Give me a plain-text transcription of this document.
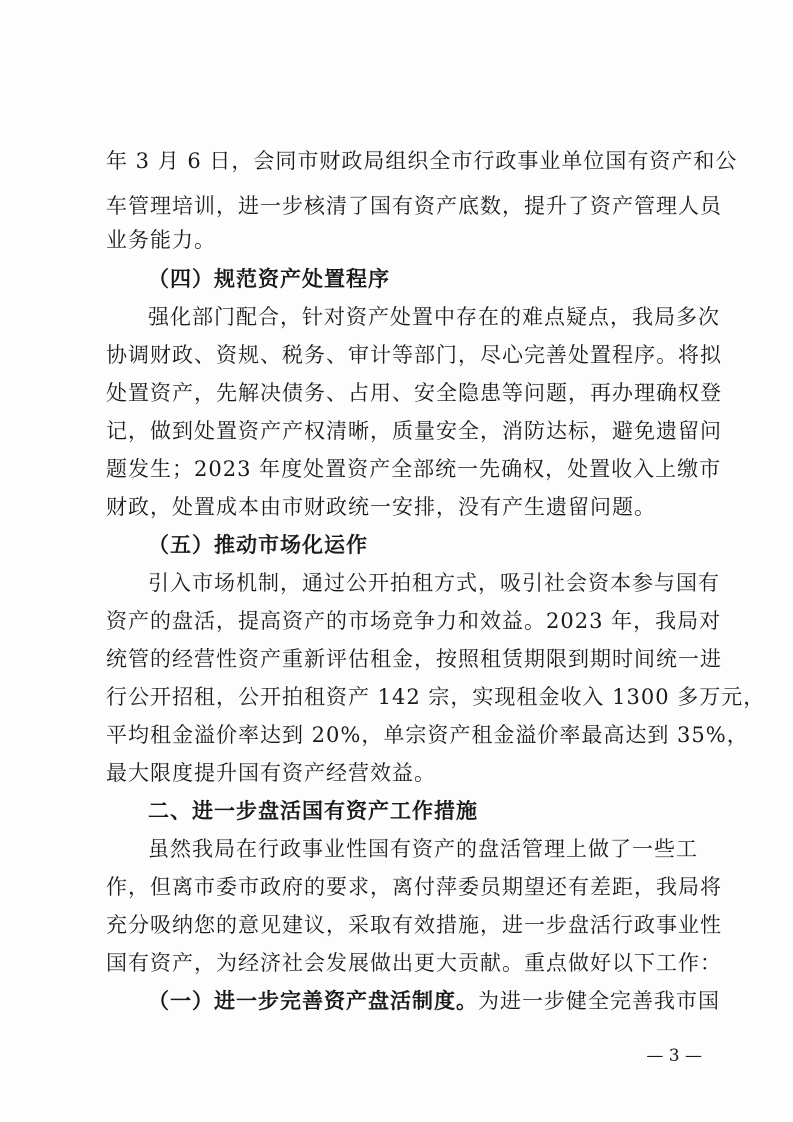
年 3 月 6 日，会同市财政局组织全市行政事业单位国有资产和公
车管理培训，进一步核清了国有资产底数，提升了资产管理人员
业务能力。
（四）规范资产处置程序
强化部门配合，针对资产处置中存在的难点疑点，我局多次
协调财政、资规、税务、审计等部门，尽心完善处置程序。将拟
处置资产，先解决债务、占用、安全隐患等问题，再办理确权登
记，做到处置资产产权清晰，质量安全，消防达标，避免遗留问
题发生；2023 年度处置资产全部统一先确权，处置收入上缴市
财政，处置成本由市财政统一安排，没有产生遗留问题。
（五）推动市场化运作
引入市场机制，通过公开拍租方式，吸引社会资本参与国有
资产的盘活，提高资产的市场竞争力和效益。2023 年，我局对
统管的经营性资产重新评估租金，按照租赁期限到期时间统一进
行公开招租，公开拍租资产 142 宗，实现租金收入 1300 多万元，
平均租金溢价率达到 20%，单宗资产租金溢价率最高达到 35%，
最大限度提升国有资产经营效益。
二、进一步盘活国有资产工作措施
虽然我局在行政事业性国有资产的盘活管理上做了一些工
作，但离市委市政府的要求，离付萍委员期望还有差距，我局将
充分吸纳您的意见建议，采取有效措施，进一步盘活行政事业性
国有资产，为经济社会发展做出更大贡献。重点做好以下工作：
（一）进一步完善资产盘活制度。为进一步健全完善我市国
— 3 —
